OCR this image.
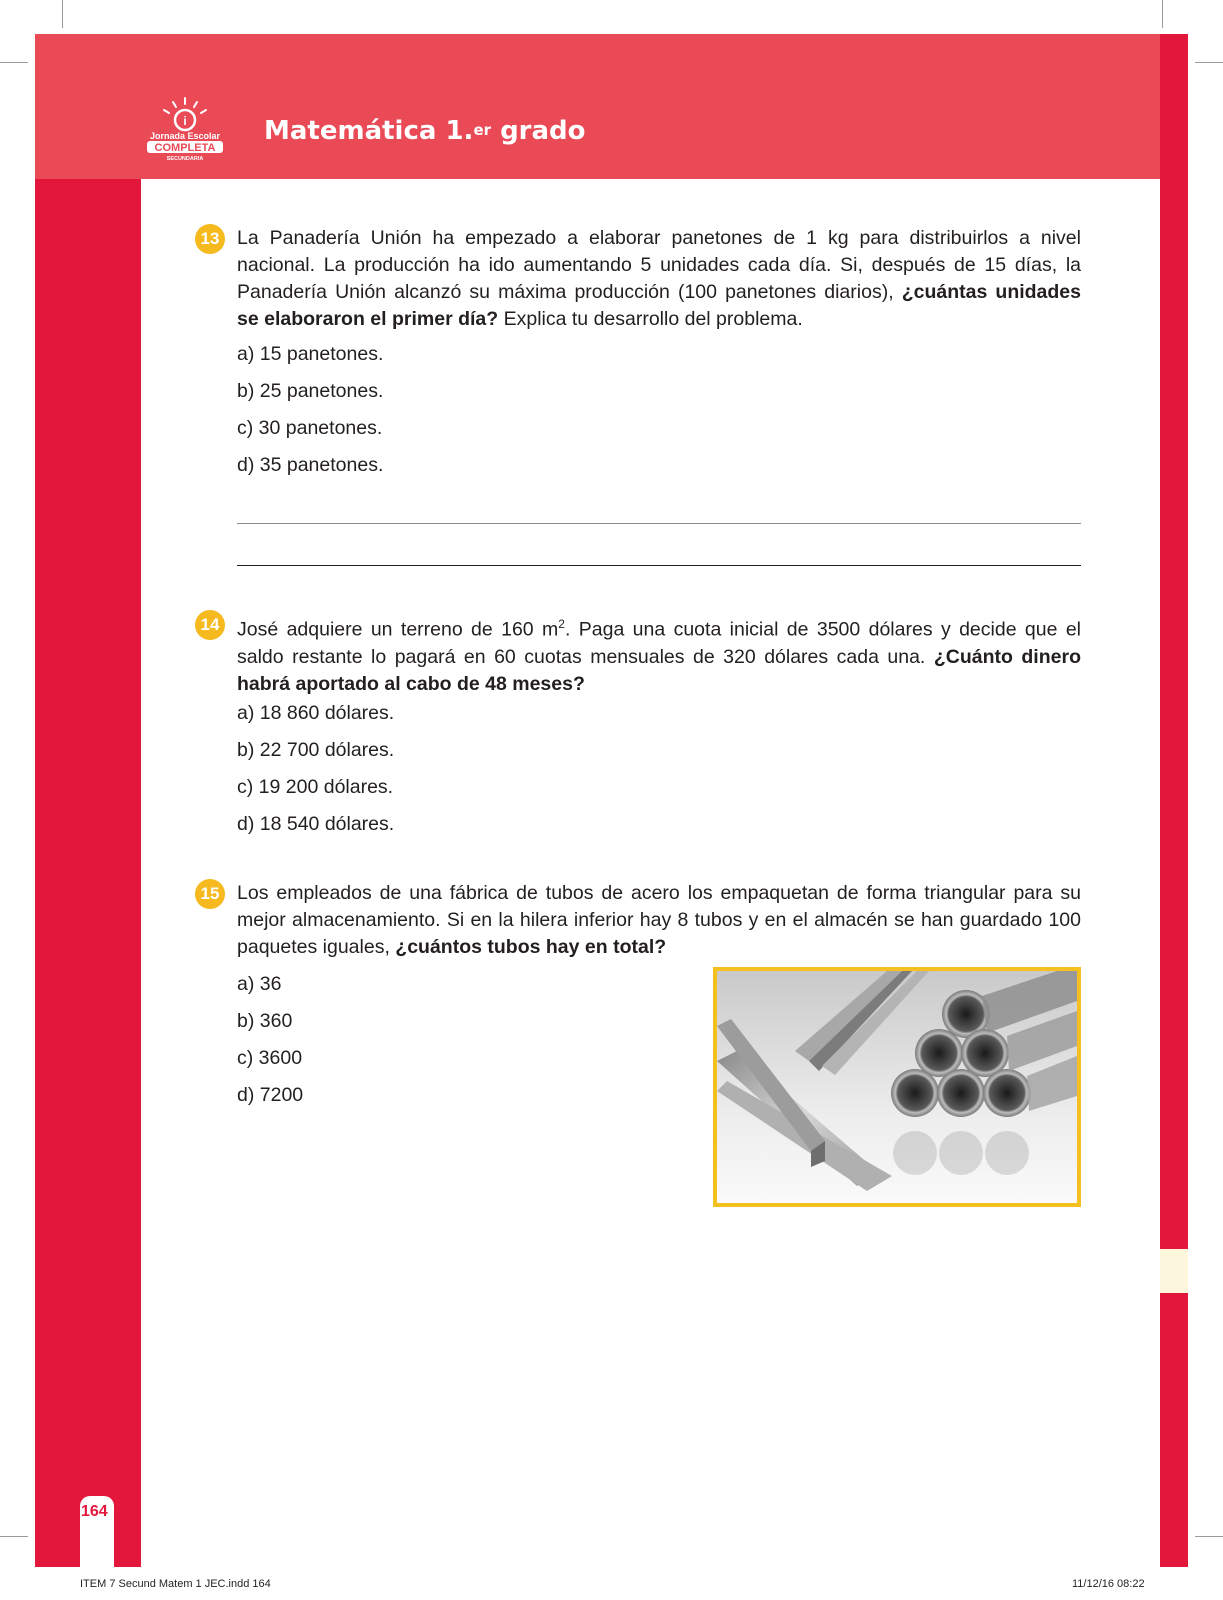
i
Jornada Escolar
COMPLETA
SECUNDARIA
Matemática 1.$^{er}$ grado
13 La Panadería Unión ha empezado a elaborar panetones de 1 kg para distribuirlos a nivel nacional. La producción ha ido aumentando 5 unidades cada día. Si, después de 15 días, la Panadería Unión alcanzó su máxima producción (100 panetones diarios), ¿cuántas unidades se elaboraron el primer día? Explica tu desarrollo del problema.
a) 15 panetones.
b) 25 panetones.
c) 30 panetones.
d) 35 panetones.
14 José adquiere un terreno de 160 $m^2$. Paga una cuota inicial de 3500 dólares y decide que el saldo restante lo pagará en 60 cuotas mensuales de 320 dólares cada una. ¿Cuánto dinero habrá aportado al cabo de 48 meses?
a) 18 860 dólares.
b) 22 700 dólares.
c) 19 200 dólares.
d) 18 540 dólares.
15 Los empleados de una fábrica de tubos de acero los empaquetan de forma triangular para su mejor almacenamiento. Si en la hilera inferior hay 8 tubos y en el almacén se han guardado 100 paquetes iguales, ¿cuántos tubos hay en total?
a) 36
b) 360
c) 3600
d) 7200
164
ITEM 7 Secund Matem 1 JEC.indd 164	11/12/16 08:22
